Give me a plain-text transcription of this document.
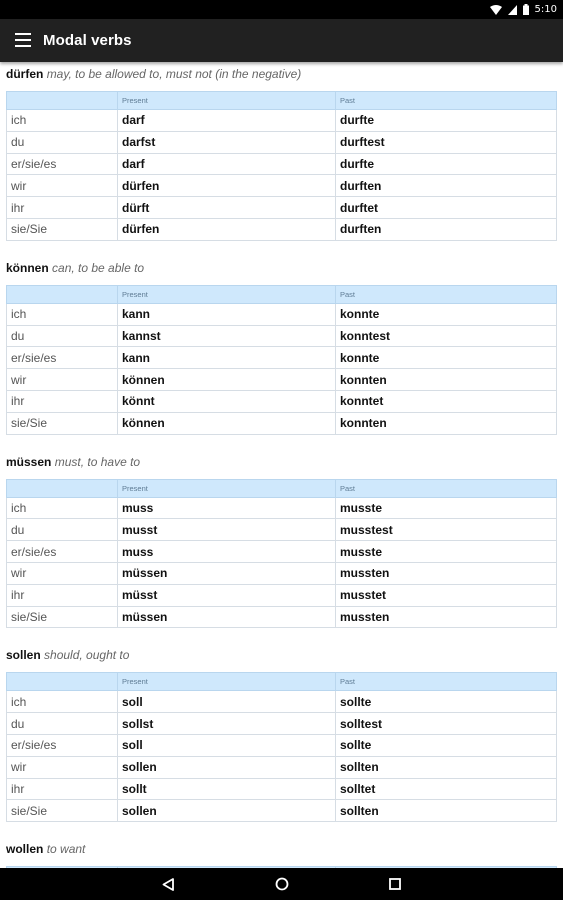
5:10
Modal verbs
dürfen may, to be allowed to, must not (in the negative)
	Present	Past
ich	darf	durfte
du	darfst	durftest
er/sie/es	darf	durfte
wir	dürfen	durften
ihr	dürft	durftet
sie/Sie	dürfen	durften
können can, to be able to
	Present	Past
ich	kann	konnte
du	kannst	konntest
er/sie/es	kann	konnte
wir	können	konnten
ihr	könnt	konntet
sie/Sie	können	konnten
müssen must, to have to
	Present	Past
ich	muss	musste
du	musst	musstest
er/sie/es	muss	musste
wir	müssen	mussten
ihr	müsst	musstet
sie/Sie	müssen	mussten
sollen should, ought to
	Present	Past
ich	soll	sollte
du	sollst	solltest
er/sie/es	soll	sollte
wir	sollen	sollten
ihr	sollt	solltet
sie/Sie	sollen	sollten
wollen to want
